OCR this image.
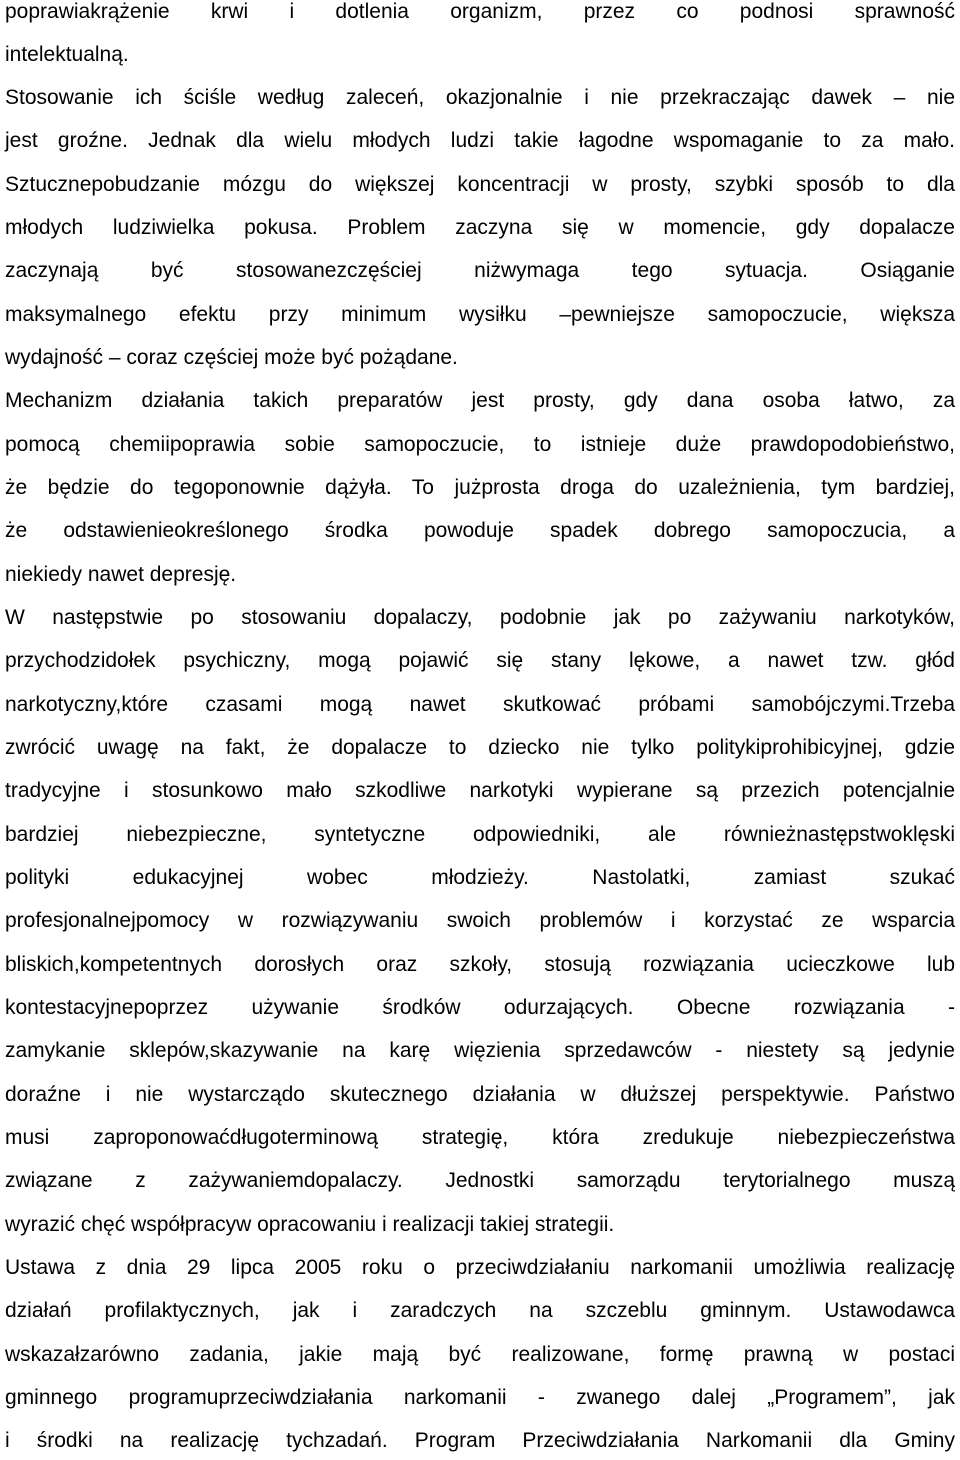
poprawiakrążenie krwi i dotlenia organizm, przez co podnosi sprawność
intelektualną.
Stosowanie ich ściśle według zaleceń, okazjonalnie i nie przekraczając dawek – nie
jest groźne. Jednak dla wielu młodych ludzi takie łagodne wspomaganie to za mało.
Sztucznepobudzanie mózgu do większej koncentracji w prosty, szybki sposób to dla
młodych ludziwielka pokusa. Problem zaczyna się w momencie, gdy dopalacze
zaczynają być stosowanezczęściej niżwymaga tego sytuacja. Osiąganie
maksymalnego efektu przy minimum wysiłku –pewniejsze samopoczucie, większa
wydajność – coraz częściej może być pożądane.
Mechanizm działania takich preparatów jest prosty, gdy dana osoba łatwo, za
pomocą chemiipoprawia sobie samopoczucie, to istnieje duże prawdopodobieństwo,
że będzie do tegoponownie dążyła. To jużprosta droga do uzależnienia, tym bardziej,
że odstawienieokreślonego środka powoduje spadek dobrego samopoczucia, a
niekiedy nawet depresję.
W następstwie po stosowaniu dopalaczy, podobnie jak po zażywaniu narkotyków,
przychodzidołek psychiczny, mogą pojawić się stany lękowe, a nawet tzw. głód
narkotyczny,które czasami mogą nawet skutkować próbami samobójczymi.Trzeba
zwrócić uwagę na fakt, że dopalacze to dziecko nie tylko politykiprohibicyjnej, gdzie
tradycyjne i stosunkowo mało szkodliwe narkotyki wypierane są przezich potencjalnie
bardziej niebezpieczne, syntetyczne odpowiedniki, ale równieżnastępstwoklęski
polityki edukacyjnej wobec młodzieży. Nastolatki, zamiast szukać
profesjonalnejpomocy w rozwiązywaniu swoich problemów i korzystać ze wsparcia
bliskich,kompetentnych dorosłych oraz szkoły, stosują rozwiązania ucieczkowe lub
kontestacyjnepoprzez używanie środków odurzających. Obecne rozwiązania -
zamykanie sklepów,skazywanie na karę więzienia sprzedawców - niestety są jedynie
doraźne i nie wystarcządo skutecznego działania w dłuższej perspektywie. Państwo
musi zaproponowaćdługoterminową strategię, która zredukuje niebezpieczeństwa
związane z zażywaniemdopalaczy. Jednostki samorządu terytorialnego muszą
wyrazić chęć współpracyw opracowaniu i realizacji takiej strategii.
Ustawa z dnia 29 lipca 2005 roku o przeciwdziałaniu narkomanii umożliwia realizację
działań profilaktycznych, jak i zaradczych na szczeblu gminnym. Ustawodawca
wskazałzarówno zadania, jakie mają być realizowane, formę prawną w postaci
gminnego programuprzeciwdziałania narkomanii - zwanego dalej „Programem”, jak
i środki na realizację tychzadań. Program Przeciwdziałania Narkomanii dla Gminy
